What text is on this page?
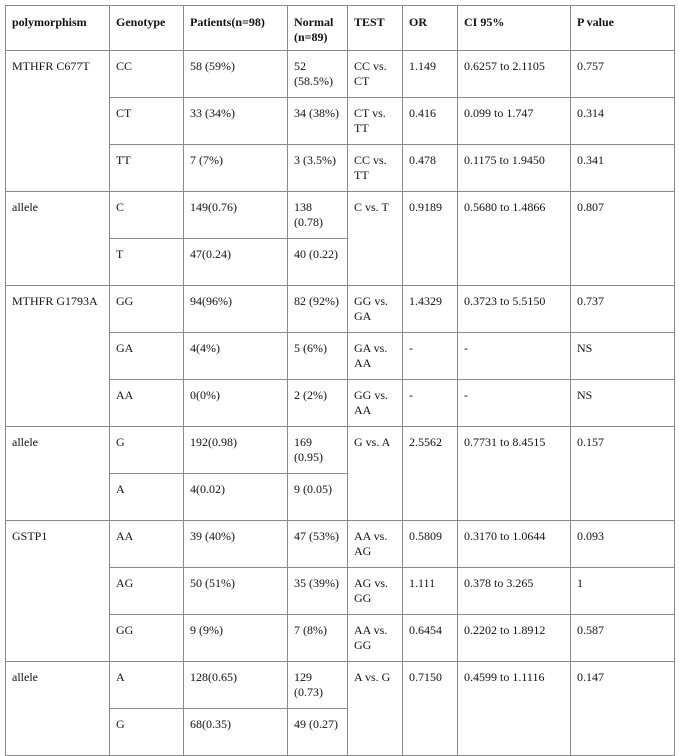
polymorphism	Genotype	Patients(n=98)	Normal (n=89)	TEST	OR	CI 95%	P value
MTHFR C677T	CC	58 (59%)	52 (58.5%)	CC vs. CT	1.149	0.6257 to 2.1105	0.757
	CT	33 (34%)	34 (38%)	CT vs. TT	0.416	0.099 to 1.747	0.314
	TT	7 (7%)	3 (3.5%)	CC vs. TT	0.478	0.1175 to 1.9450	0.341
allele	C	149(0.76)	138 (0.78)	C vs. T	0.9189	0.5680 to 1.4866	0.807
	T	47(0.24)	40 (0.22)				
MTHFR G1793A	GG	94(96%)	82 (92%)	GG vs. GA	1.4329	0.3723 to 5.5150	0.737
	GA	4(4%)	5 (6%)	GA vs. AA	-	-	NS
	AA	0(0%)	2 (2%)	GG vs. AA	-	-	NS
allele	G	192(0.98)	169 (0.95)	G vs. A	2.5562	0.7731 to 8.4515	0.157
	A	4(0.02)	9 (0.05)				
GSTP1	AA	39 (40%)	47 (53%)	AA vs. AG	0.5809	0.3170 to 1.0644	0.093
	AG	50 (51%)	35 (39%)	AG vs. GG	1.111	0.378 to 3.265	1
	GG	9 (9%)	7 (8%)	AA vs. GG	0.6454	0.2202 to 1.8912	0.587
allele	A	128(0.65)	129 (0.73)	A vs. G	0.7150	0.4599 to 1.1116	0.147
	G	68(0.35)	49 (0.27)				
